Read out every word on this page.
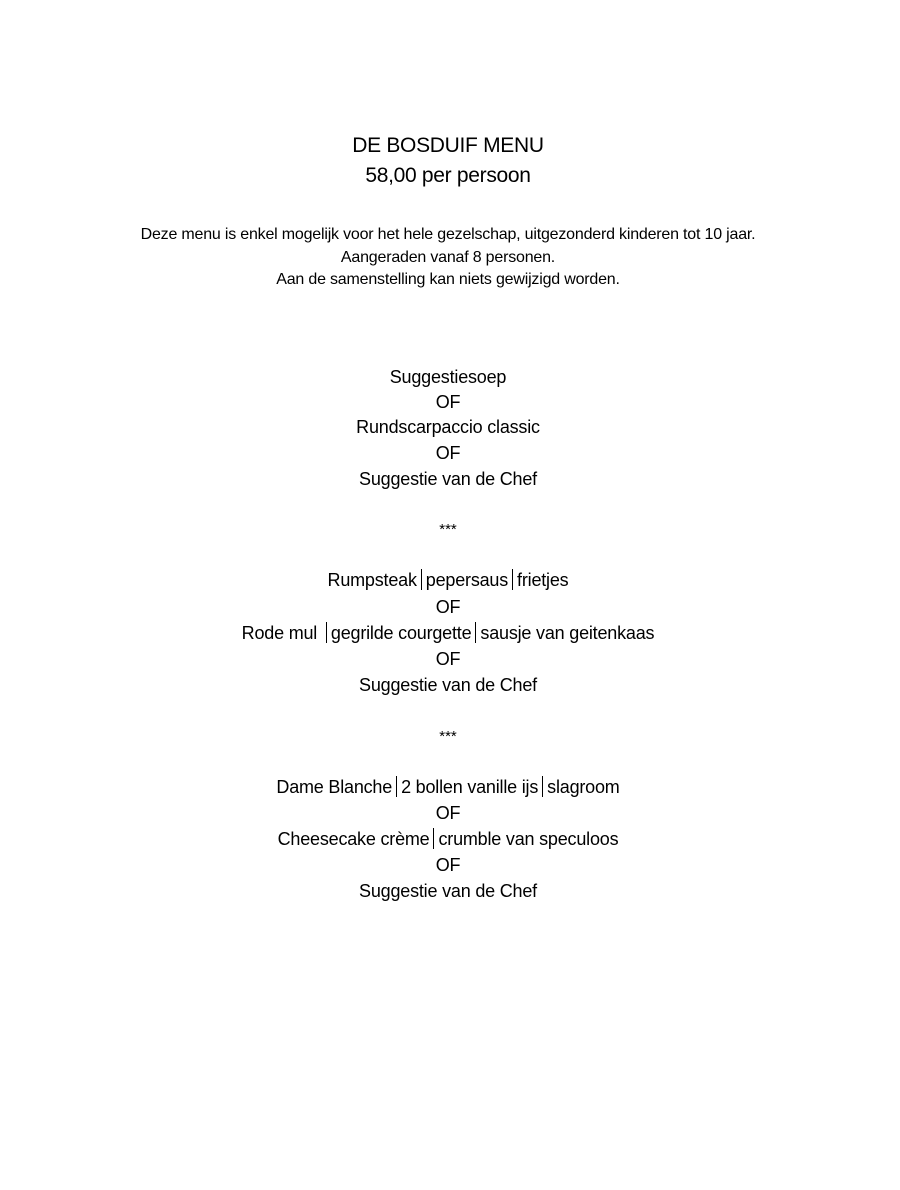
DE BOSDUIF MENU
58,00 per persoon
Deze menu is enkel mogelijk voor het hele gezelschap, uitgezonderd kinderen tot 10 jaar.
Aangeraden vanaf 8 personen.
Aan de samenstelling kan niets gewijzigd worden.
Suggestiesoep
OF
Rundscarpaccio classic
OF
Suggestie van de Chef
***
Rumpsteak pepersaus frietjes
OF
Rode mul gegrilde courgette sausje van geitenkaas
OF
Suggestie van de Chef
***
Dame Blanche 2 bollen vanille ijs slagroom
OF
Cheesecake crème crumble van speculoos
OF
Suggestie van de Chef
